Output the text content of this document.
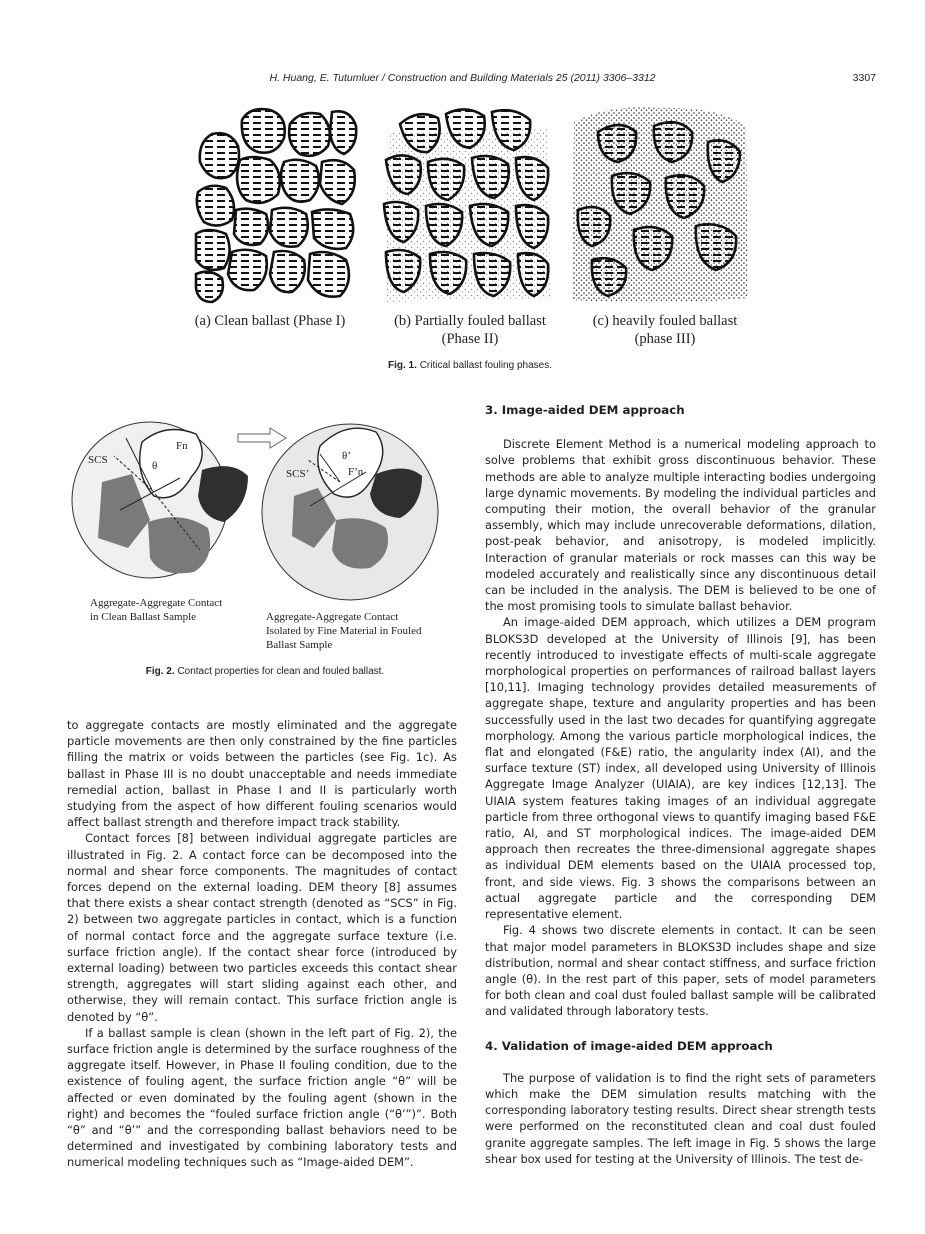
H. Huang, E. Tutumluer / Construction and Building Materials 25 (2011) 3306–3312	3307
(a) Clean ballast (Phase I)	(b) Partially fouled ballast
(Phase II)
(c) heavily fouled ballast
(phase III)
Fig. 1. Critical ballast fouling phases.
SCS	θ
Fn
SCS’
θ’
F’n
Aggregate-Aggregate Contact
in Clean Ballast Sample	Aggregate-Aggregate Contact
Isolated by Fine Material in Fouled
Ballast Sample
Fig. 2. Contact properties for clean and fouled ballast.

to aggregate contacts are mostly eliminated and the aggregate particle movements are then only constrained by the fine particles filling the matrix or voids between the particles (see Fig. 1c). As ballast in Phase III is no doubt unacceptable and needs immediate remedial action, ballast in Phase I and II is particularly worth studying from the aspect of how different fouling scenarios would affect ballast strength and therefore impact track stability.

Contact forces [8] between individual aggregate particles are illustrated in Fig. 2. A contact force can be decomposed into the normal and shear force components. The magnitudes of contact forces depend on the external loading. DEM theory [8] assumes that there exists a shear contact strength (denoted as “SCS” in Fig. 2) between two aggregate particles in contact, which is a function of normal contact force and the aggregate surface texture (i.e. surface friction angle). If the contact shear force (introduced by external loading) between two particles exceeds this contact shear strength, aggregates will start sliding against each other, and otherwise, they will remain contact. This surface friction angle is denoted by “θ”.

If a ballast sample is clean (shown in the left part of Fig. 2), the surface friction angle is determined by the surface roughness of the aggregate itself. However, in Phase II fouling condition, due to the existence of fouling agent, the surface friction angle “θ” will be affected or even dominated by the fouling agent (shown in the right) and becomes the “fouled surface friction angle (“θ’”)”. Both “θ” and “θ’” and the corresponding ballast behaviors need to be determined and investigated by combining laboratory tests and numerical modeling techniques such as “Image-aided DEM”.

3. Image-aided DEM approach

Discrete Element Method is a numerical modeling approach to solve problems that exhibit gross discontinuous behavior. These methods are able to analyze multiple interacting bodies undergoing large dynamic movements. By modeling the individual particles and computing their motion, the overall behavior of the granular assembly, which may include unrecoverable deformations, dilation, post-peak behavior, and anisotropy, is modeled implicitly. Interaction of granular materials or rock masses can this way be modeled accurately and realistically since any discontinuous detail can be included in the analysis. The DEM is believed to be one of the most promising tools to simulate ballast behavior.

An image-aided DEM approach, which utilizes a DEM program BLOKS3D developed at the University of Illinois [9], has been recently introduced to investigate effects of multi-scale aggregate morphological properties on performances of railroad ballast layers [10,11]. Imaging technology provides detailed measurements of aggregate shape, texture and angularity properties and has been successfully used in the last two decades for quantifying aggregate morphology. Among the various particle morphological indices, the flat and elongated (F&E) ratio, the angularity index (AI), and the surface texture (ST) index, all developed using University of Illinois Aggregate Image Analyzer (UIAIA), are key indices [12,13]. The UIAIA system features taking images of an individual aggregate particle from three orthogonal views to quantify imaging based F&E ratio, AI, and ST morphological indices. The image-aided DEM approach then recreates the three-dimensional aggregate shapes as individual DEM elements based on the UIAIA processed top, front, and side views. Fig. 3 shows the comparisons between an actual aggregate particle and the corresponding DEM representative element.

Fig. 4 shows two discrete elements in contact. It can be seen that major model parameters in BLOKS3D includes shape and size distribution, normal and shear contact stiffness, and surface friction angle (θ). In the rest part of this paper, sets of model parameters for both clean and coal dust fouled ballast sample will be calibrated and validated through laboratory tests.

4. Validation of image-aided DEM approach

The purpose of validation is to find the right sets of parameters which make the DEM simulation results matching with the corresponding laboratory testing results. Direct shear strength tests were performed on the reconstituted clean and coal dust fouled granite aggregate samples. The left image in Fig. 5 shows the large shear box used for testing at the University of Illinois. The test de-
